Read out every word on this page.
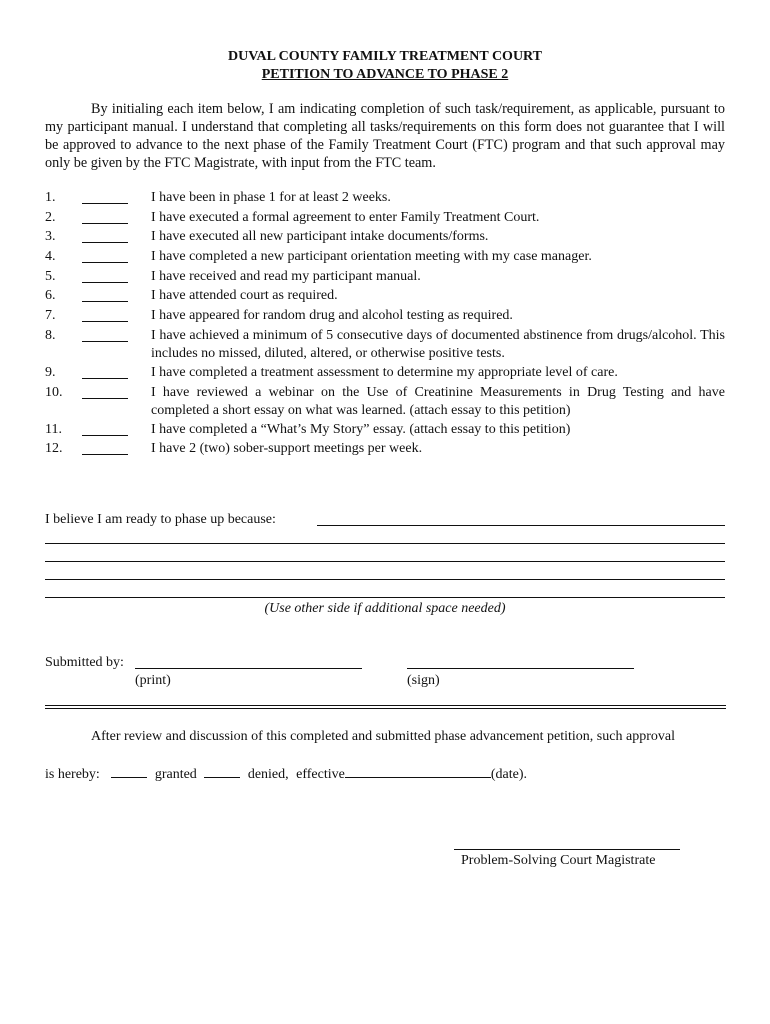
DUVAL COUNTY FAMILY TREATMENT COURT
PETITION TO ADVANCE TO PHASE 2

By initialing each item below, I am indicating completion of such task/requirement, as applicable, pursuant to my participant manual. I understand that completing all tasks/requirements on this form does not guarantee that I will be approved to advance to the next phase of the Family Treatment Court (FTC) program and that such approval may only be given by the FTC Magistrate, with input from the FTC team.

1.	I have been in phase 1 for at least 2 weeks.
2.	I have executed a formal agreement to enter Family Treatment Court.
3.	I have executed all new participant intake documents/forms.
4.	I have completed a new participant orientation meeting with my case manager.
5.	I have received and read my participant manual.
6.	I have attended court as required.
7.	I have appeared for random drug and alcohol testing as required.
8.	I have achieved a minimum of 5 consecutive days of documented abstinence from drugs/alcohol. This includes no missed, diluted, altered, or otherwise positive tests.
9.	I have completed a treatment assessment to determine my appropriate level of care.
10.	I have reviewed a webinar on the Use of Creatinine Measurements in Drug Testing and have completed a short essay on what was learned. (attach essay to this petition)
11.	I have completed a “What’s My Story” essay. (attach essay to this petition)
12.	I have 2 (two) sober-support meetings per week.
I believe I am ready to phase up because:
(Use other side if additional space needed)
Submitted by:
(print)	(sign)
After review and discussion of this completed and submitted phase advancement petition, such approval
is hereby:	granted	denied, effective	(date).
Problem-Solving Court Magistrate
